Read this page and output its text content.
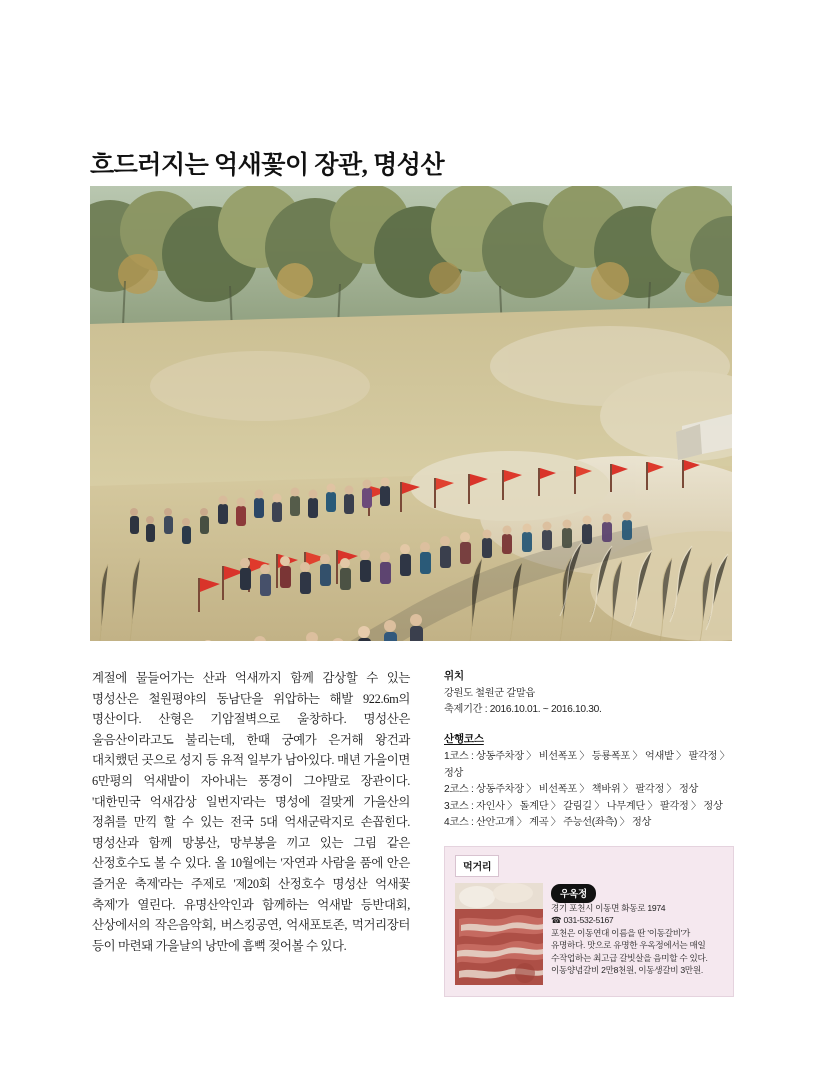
흐드러지는 억새꽃이 장관, 명성산
계절에 물들어가는 산과 억새까지 함께 감상할 수 있는 명성산은 철원평야의 동남단을 위압하는 해발 922.6m의 명산이다. 산형은 기암절벽으로 울창하다. 명성산은 울음산이라고도 불리는데, 한때 궁예가 은거해 왕건과 대치했던 곳으로 성지 등 유적 일부가 남아있다. 매년 가을이면 6만평의 억새밭이 자아내는 풍경이 그야말로 장관이다. '대한민국 억새감상 일번지'라는 명성에 걸맞게 가을산의 정취를 만끽 할 수 있는 전국 5대 억새군락지로 손꼽힌다. 명성산과 함께 망봉산, 망부봉을 끼고 있는 그림 같은 산정호수도 볼 수 있다. 올 10월에는 '자연과 사람을 품에 안은 즐거운 축제'라는 주제로 '제20회 산정호수 명성산 억새꽃 축제'가 열린다. 유명산악인과 함께하는 억새밭 등반대회, 산상에서의 작은음악회, 버스킹공연, 억새포토존, 먹거리장터 등이 마련돼 가을날의 낭만에 흠뻑 젖어볼 수 있다.
위치
강원도 철원군 갈말읍
축제기간 : 2016.10.01. ~ 2016.10.30.
산행코스
1코스 : 상동주차장 〉 비선폭포 〉 등룡폭포 〉 억새밭 〉 팔각정 〉 정상
2코스 : 상동주차장 〉 비선폭포 〉 책바위 〉 팔각정 〉 정상
3코스 : 자인사 〉 돌계단 〉 갈림길 〉 나무계단 〉 팔각정 〉 정상
4코스 : 산안고개 〉 계곡 〉 주능선(좌측) 〉 정상
먹거리
우옥정
경기 포천시 이동면 화동로 1974
☎ 031-532-5167
포천은 이동연대 이름을 딴 '이동갈비'가
유명하다. 맛으로 유명한 우옥정에서는 매일
수작업하는 최고급 갈빗살을 음미할 수 있다.
이동양념갈비 2만8천원, 이동생갈비 3만원.
